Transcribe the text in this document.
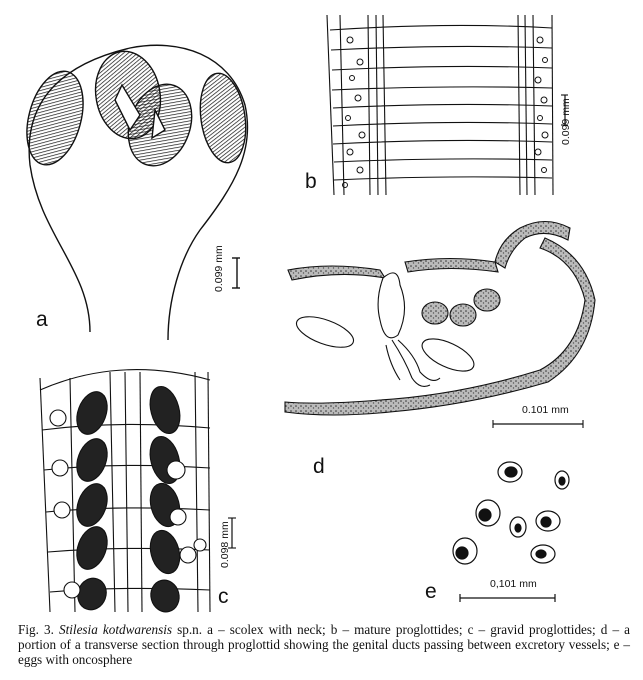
a
b
c
d
e
0.099 mm
0.099 mm
0.098 mm
0.101 mm
0,101 mm
Fig. 3. Stilesia kotdwarensis sp.n. a – scolex with neck; b – mature proglottides; c – gravid proglottides; d – a portion of a transverse section through proglottid showing the genital ducts passing between excretory vessels; e – eggs with oncosphere
